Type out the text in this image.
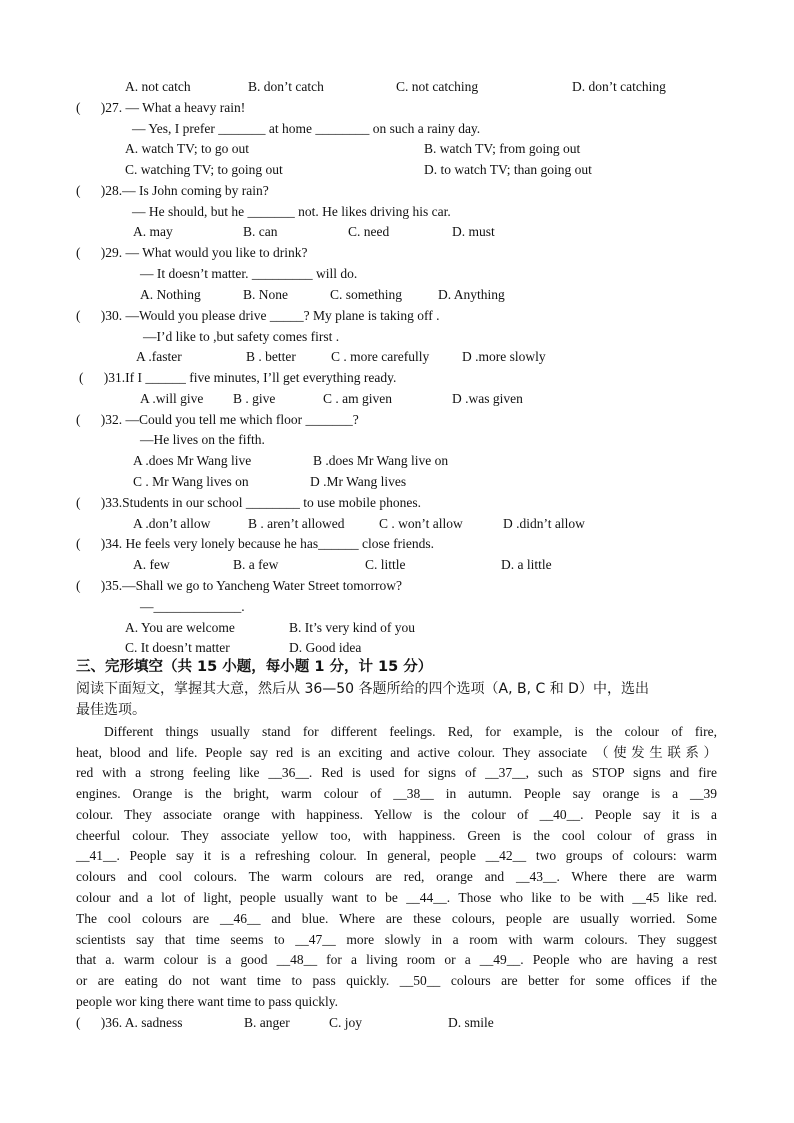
A. not catch	B. don’t catch	C. not catching	D. don’t catching
(      )27. — What a heavy rain!
— Yes, I prefer _______ at home ________ on such a rainy day.
A. watch TV; to go out	B. watch TV; from going out
C. watching TV; to going out	D. to watch TV; than going out
(      )28.— Is John coming by rain?
— He should, but he _______ not. He likes driving his car.
A. may	B. can	C. need	D. must
(      )29. — What would you like to drink?
— It doesn’t matter. _________ will do.
A. Nothing	B. None	C. something	D. Anything
(      )30. —Would you please drive _____? My plane is taking off .
—I’d like to ,but safety comes first .
A .faster	B . better	C . more carefully D .more slowly
(      )31.If I ______ five minutes, I’ll get everything ready.
A .will give B . give	C . am given	D .was given
(      )32. —Could you tell me which floor _______?
—He lives on the fifth.
A .does Mr Wang live	B .does Mr Wang live on
C . Mr Wang lives on	D .Mr Wang lives
(      )33.Students in our school ________ to use mobile phones.
A .don’t allow	B . aren’t allowed	C . won’t allow	D .didn’t allow
(      )34. He feels very lonely because he has______ close friends.
A. few	B. a few	C. little	D. a little
(      )35.—Shall we go to Yancheng Water Street tomorrow?
—_____________.
A. You are welcome	B. It’s very kind of you
C. It doesn’t matter	D. Good idea
三、完形填空（共 15 小题，每小题 1 分，计 15 分）
阅读下面短文，掌握其大意，然后从 36—50 各题所给的四个选项（A, B, C 和 D）中，选出
最佳选项。
Different things usually stand for different feelings. Red, for example, is the colour of fire,
heat, blood and life. People say red is an exciting and active colour. They associate （使发生联系）
red with a strong feeling like __36__. Red is used for signs of __37__, such as STOP signs and fire
engines. Orange is the bright, warm colour of __38__ in autumn. People say orange is a __39
colour. They associate orange with happiness. Yellow is the colour of __40__. People say it is a
cheerful colour. They associate yellow too, with happiness. Green is the cool colour of grass in
__41__. People say it is a refreshing colour. In general, people __42__ two groups of colours: warm
colours and cool colours. The warm colours are red, orange and __43__. Where there are warm
colour and a lot of light, people usually want to be __44__. Those who like to be with __45 like red.
The cool colours are __46__ and blue. Where are these colours, people are usually worried. Some
scientists say that time seems to __47__ more slowly in a room with warm colours. They suggest
that a. warm colour is a good __48__ for a living room or a __49__. People who are having a rest
or are eating do not want time to pass quickly. __50__ colours are better for some offices if the
people wor king there want time to pass quickly.
(      )36. A. sadness	B. anger	C. joy	D. smile
